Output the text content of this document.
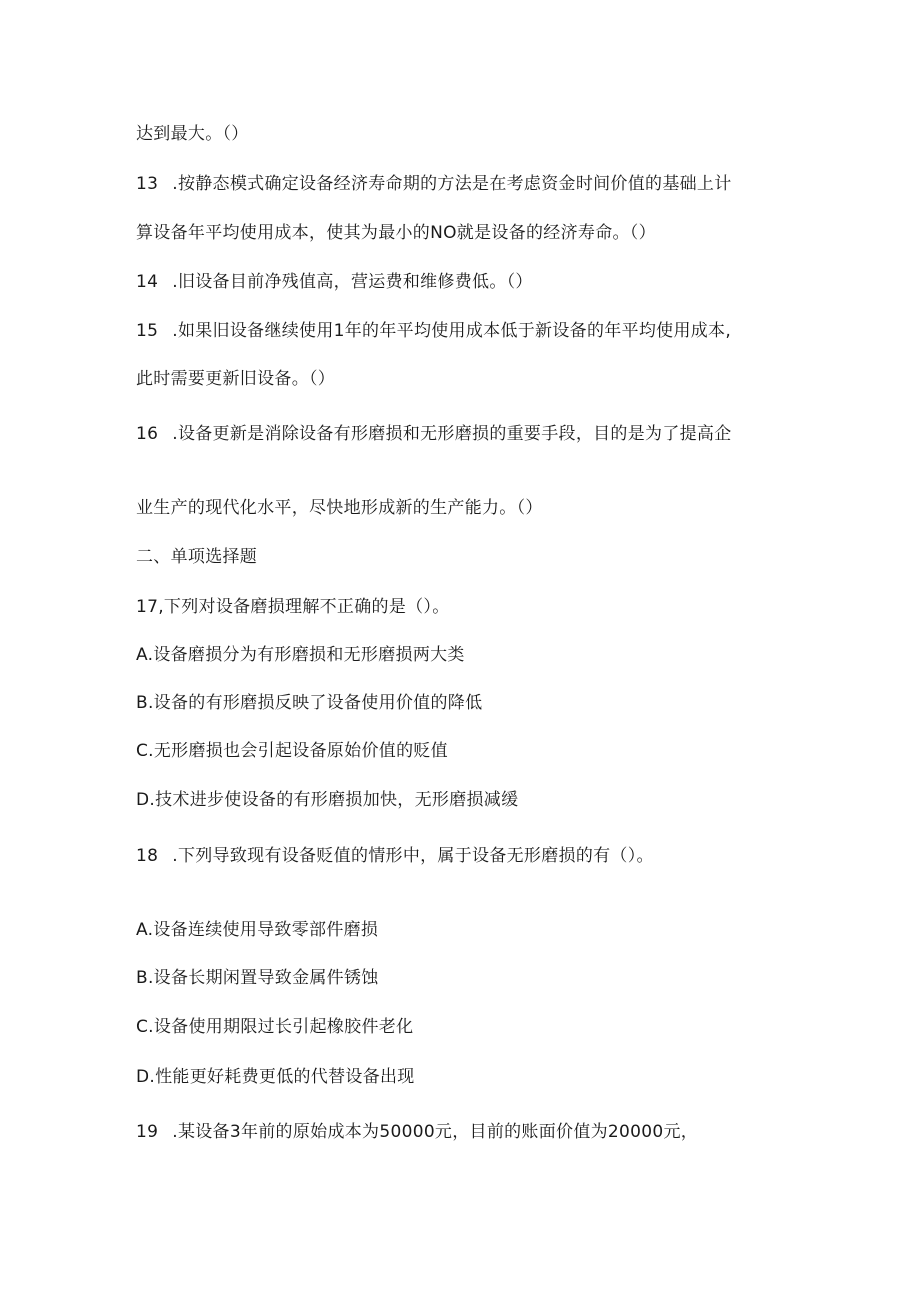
达到最大。（）
13 .按静态模式确定设备经济寿命期的方法是在考虑资金时间价值的基础上计
算设备年平均使用成本，使其为最小的NO就是设备的经济寿命。（）
14 .旧设备目前净残值高，营运费和维修费低。（）
15 .如果旧设备继续使用1年的年平均使用成本低于新设备的年平均使用成本,
此时需要更新旧设备。（）
16 .设备更新是消除设备有形磨损和无形磨损的重要手段，目的是为了提高企
业生产的现代化水平，尽快地形成新的生产能力。（）
二、单项选择题
17,下列对设备磨损理解不正确的是（）。
A.设备磨损分为有形磨损和无形磨损两大类
B.设备的有形磨损反映了设备使用价值的降低
C.无形磨损也会引起设备原始价值的贬值
D.技术进步使设备的有形磨损加快，无形磨损减缓
18 .下列导致现有设备贬值的情形中，属于设备无形磨损的有（）。
A.设备连续使用导致零部件磨损
B.设备长期闲置导致金属件锈蚀
C.设备使用期限过长引起橡胶件老化
D.性能更好耗费更低的代替设备出现
19 .某设备3年前的原始成本为50000元，目前的账面价值为20000元，
